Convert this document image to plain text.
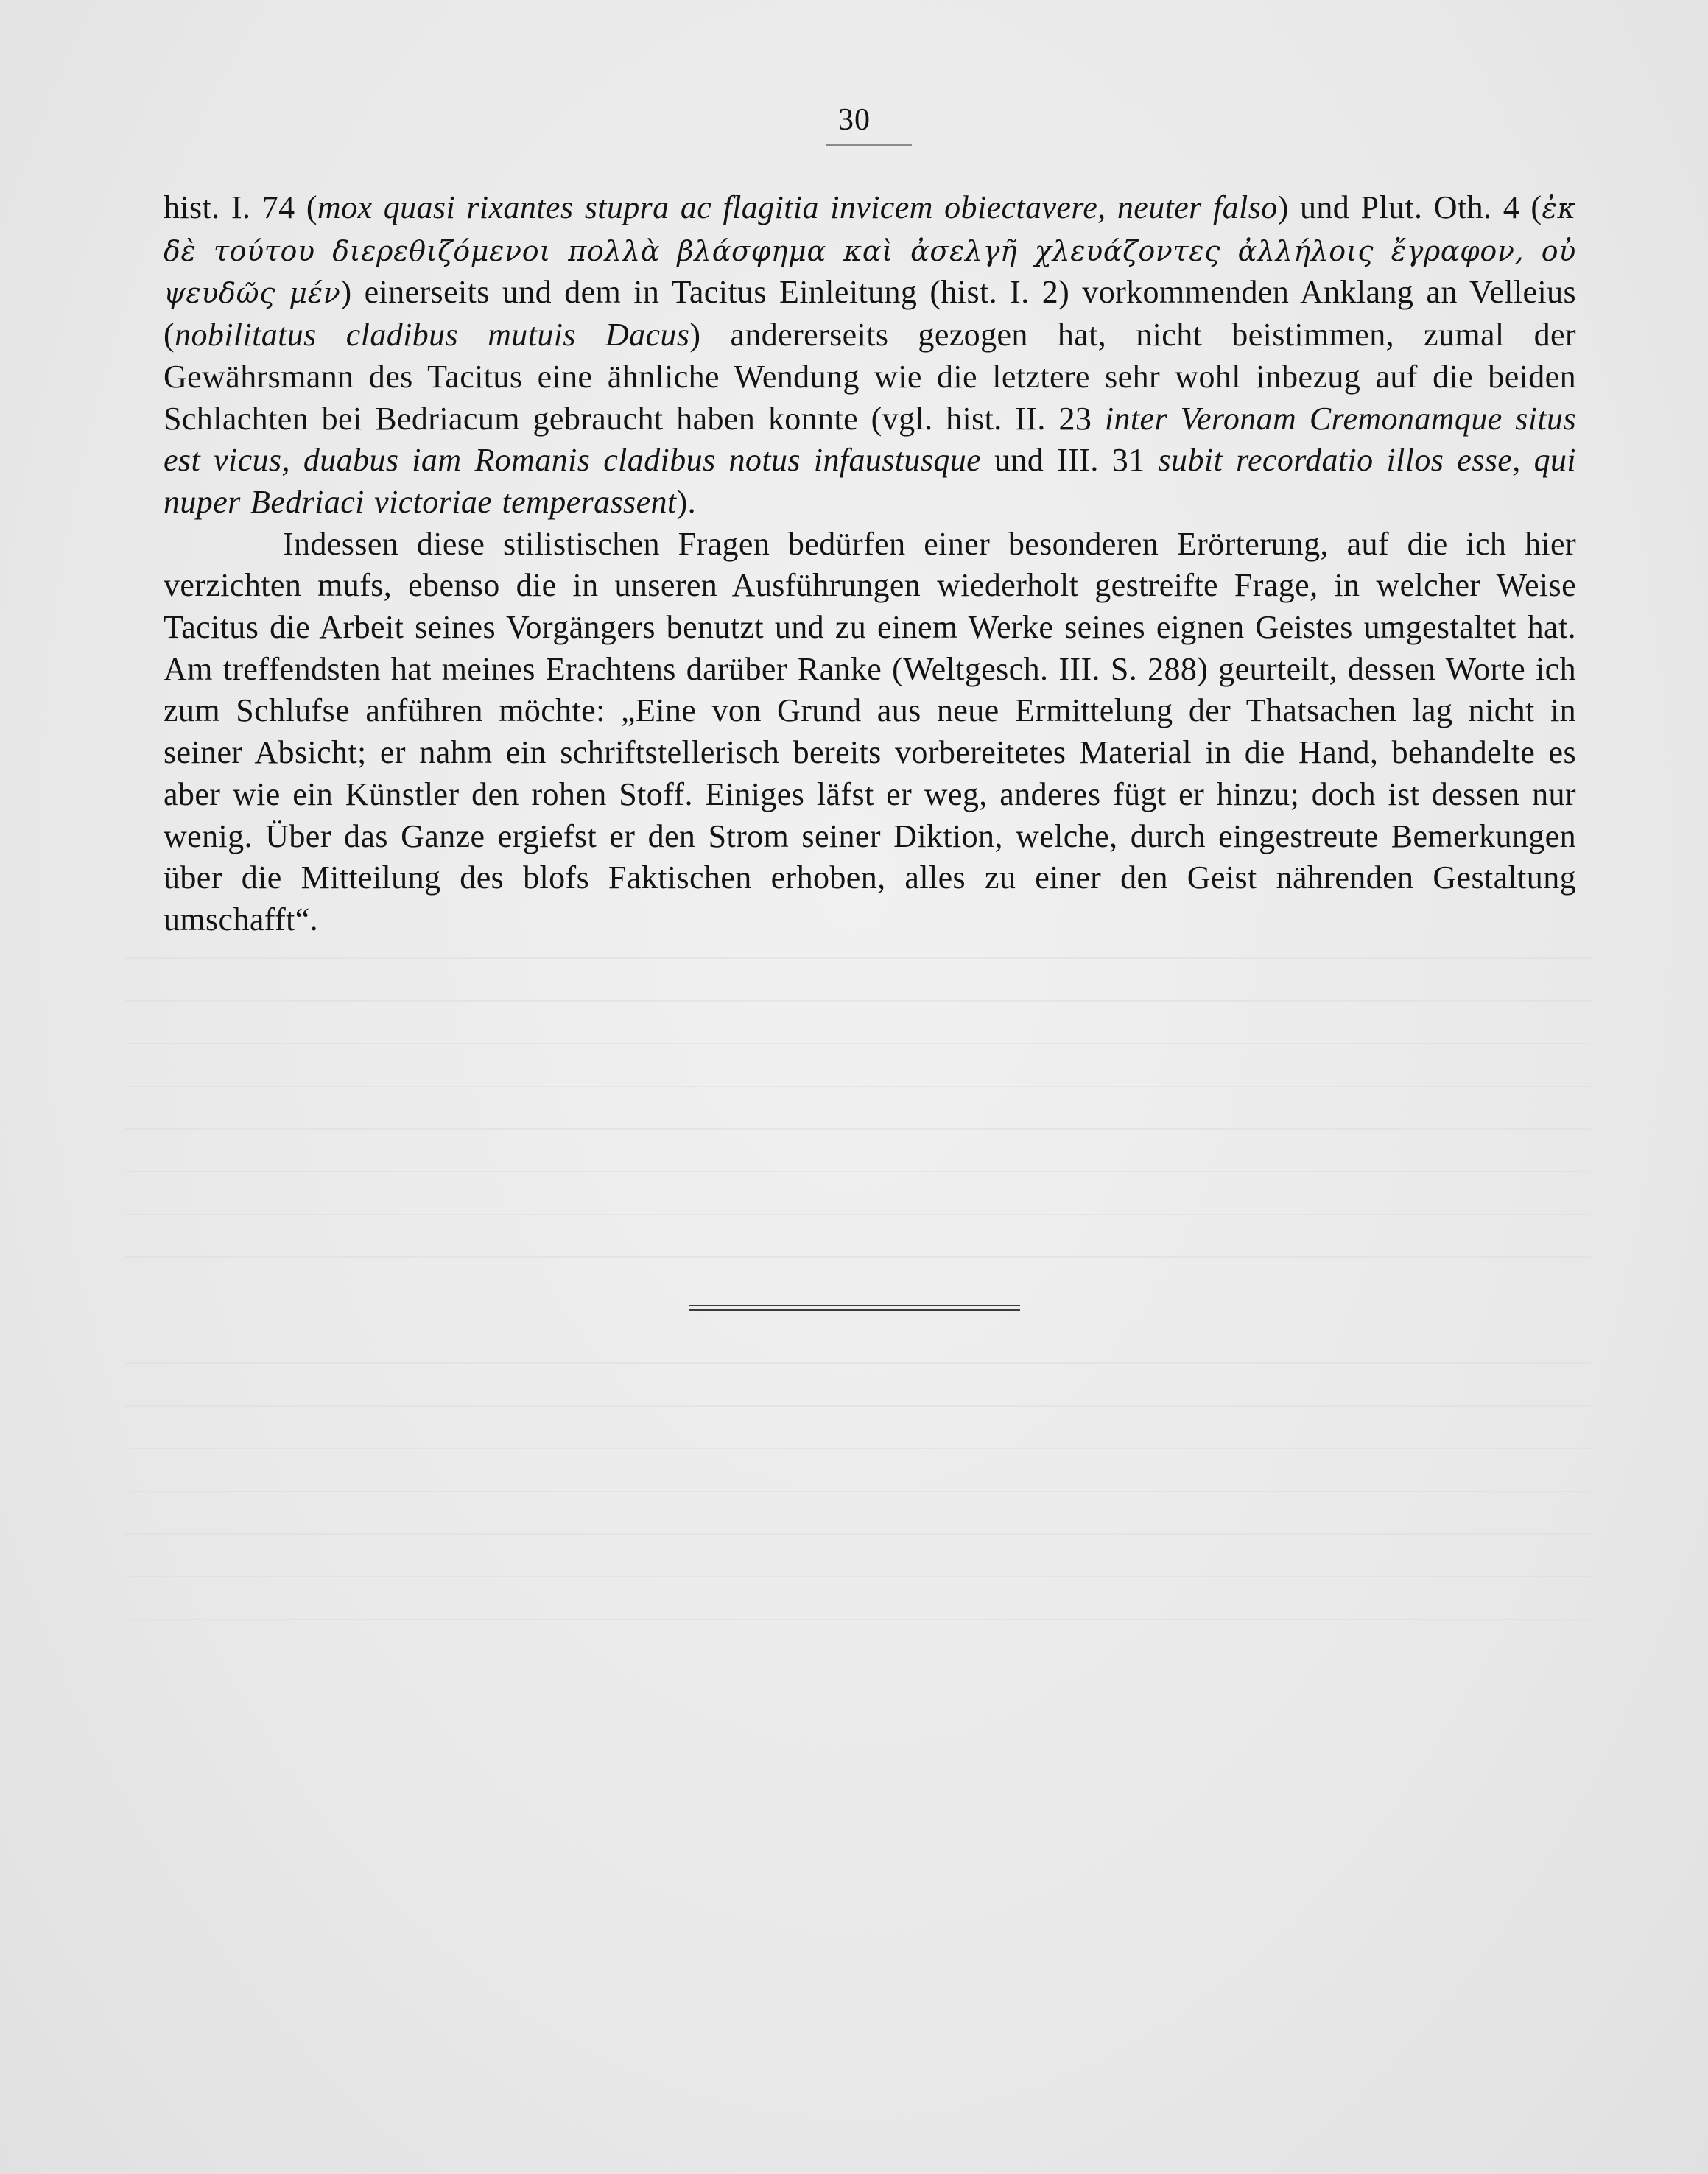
30

hist. I. 74 (mox quasi rixantes stupra ac flagitia invicem obiectavere, neuter falso) und Plut. Oth. 4 (ἐκ δὲ τούτου διερεθιζόμενοι πολλὰ βλάσφημα καὶ ἀσελγῆ χλευάζοντες ἀλλήλοις ἔγραφον, οὐ ψευδῶς μέν) einerseits und dem in Tacitus Einleitung (hist. I. 2) vorkommenden Anklang an Velleius (nobilitatus cladibus mutuis Dacus) andererseits gezogen hat, nicht beistimmen, zumal der Gewährsmann des Tacitus eine ähnliche Wendung wie die letztere sehr wohl inbezug auf die beiden Schlachten bei Bedriacum gebraucht haben konnte (vgl. hist. II. 23 inter Veronam Cremonamque situs est vicus, duabus iam Romanis cladibus notus infaustusque und III. 31 subit recordatio illos esse, qui nuper Bedriaci victoriae temperassent).

Indessen diese stilistischen Fragen bedürfen einer besonderen Erörterung, auf die ich hier verzichten mufs, ebenso die in unseren Ausführungen wiederholt gestreifte Frage, in welcher Weise Tacitus die Arbeit seines Vorgängers benutzt und zu einem Werke seines eignen Geistes umgestaltet hat. Am treffendsten hat meines Erachtens darüber Ranke (Weltgesch. III. S. 288) geurteilt, dessen Worte ich zum Schlufse anführen möchte: „Eine von Grund aus neue Ermittelung der Thatsachen lag nicht in seiner Absicht; er nahm ein schriftstellerisch bereits vorbereitetes Material in die Hand, behandelte es aber wie ein Künstler den rohen Stoff. Einiges läfst er weg, anderes fügt er hinzu; doch ist dessen nur wenig. Über das Ganze ergiefst er den Strom seiner Diktion, welche, durch eingestreute Bemerkungen über die Mitteilung des blofs Faktischen erhoben, alles zu einer den Geist nährenden Gestaltung umschafft“.
